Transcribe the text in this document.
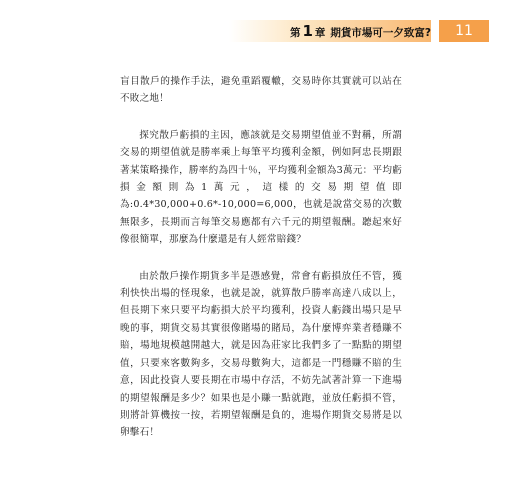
第 1 章 期貨市場可一夕致富?	11

盲目散戶的操作手法，避免重蹈覆轍，交易時你其實就可以站在不敗之地！

探究散戶虧損的主因，應該就是交易期望值並不對稱，所謂交易的期望值就是勝率乘上每筆平均獲利金額，例如阿忠長期跟著某策略操作，勝率約為四十％，平均獲利金額為3萬元：平均虧損金額則為1萬元，這樣的交易期望值即為:0.4*30,000+0.6*-10,000=6,000，也就是說當交易的次數無限多，長期而言每筆交易應都有六千元的期望報酬。聽起來好像很簡單，那麼為什麼還是有人經常賠錢？

由於散戶操作期貨多半是憑感覺，常會有虧損放任不管，獲利快快出場的怪現象，也就是說，就算散戶勝率高達八成以上，但長期下來只要平均虧損大於平均獲利，投資人虧錢出場只是早晚的事，期貨交易其實很像賭場的賭局，為什麼博弈業者穩賺不賠，場地規模越開越大，就是因為莊家比我們多了一點點的期望值，只要來客數夠多，交易母數夠大，這都是一門穩賺不賠的生意，因此投資人要長期在市場中存活，不妨先試著計算一下進場的期望報酬是多少？如果也是小賺一點就跑，並放任虧損不管，則將計算機按一按，若期望報酬是負的，進場作期貨交易將是以卵擊石！
